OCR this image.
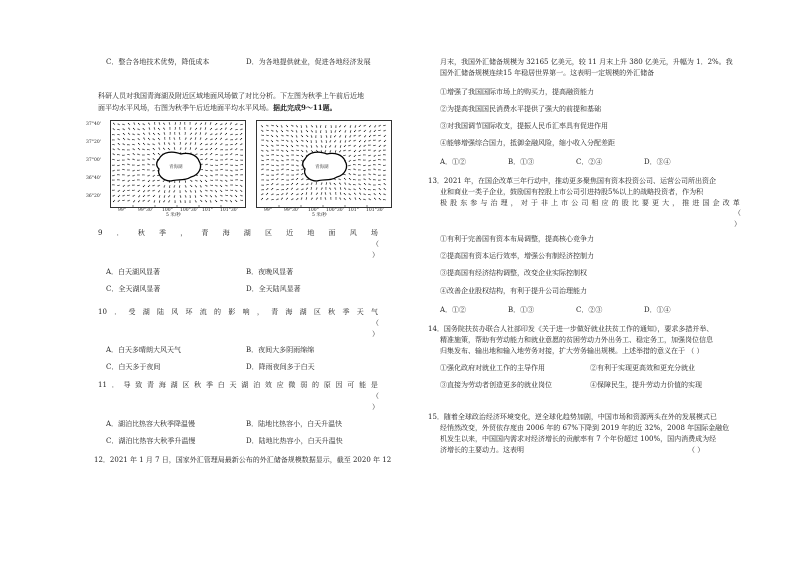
C．整合各地技术优势，降低成本	D．为各地提供就业，促进各地经济发展
科研人员对我国青海湖及附近区域地面风场做了对比分析。下左图为秋季上午前后近地
面平均水平风场，右图为秋季午后近地面平均水平风场。据此完成9～11题。
青海湖	青海湖
37°40'
37°20'
37°00'
36°40'
36°20'
99°	99°30' 100° 100°30' 101° 101°30'
5 米/秒
99°	99°30' 100° 100°30' 101° 101°30'
5 米/秒
9 ． 秋 季 ， 青 海 湖 区 近 地 面 风 场
（
）
A．白天湖风显著	B．夜晚风显著
C．全天湖风显著	D．全天陆风显著
10 ． 受 湖 陆 风 环 流 的 影 响 ， 青 海 湖 区 秋 季 天 气
（
）
A．白天多晴朗大风天气	B．夜间大多阴雨绵绵
C．白天多于夜间	D．降雨夜间多于白天
11 ． 导 致 青 海 湖 区 秋 季 白 天 湖 泊 效 应 微 弱 的 原 因 可 能 是
（
）
A．湖泊比热容大秋季降温慢	B．陆地比热容小，白天升温快
C．湖泊比热容大秋季升温慢	D．陆地比热容小，白天升温快
12．2021 年 1 月 7 日，国家外汇管理局最新公布的外汇储备规模数据显示，截至 2020 年 12
月末，我国外汇储备规模为 32165 亿美元，较 11 月末上升 380 亿美元，升幅为 1．2%。我
国外汇储备规模连续15 年稳居世界第一。这表明一定规模的外汇储备
①增强了我国国际市场上的购买力，提高融资能力
②为提高我国国民消费水平提供了强大的前提和基础
③对我国调节国际收支，提振人民币汇率具有促进作用
④能够增强综合国力，抵御金融风险，缩小收入分配差距
A．①②	B．①③	C．②④	D．③④
13．2021 年，在国企改革三年行动中，推动更多聚焦国有资本投资公司、运营公司所出资企
业和商业一类子企业，鼓励国有控股上市公司引进持股5%以上的战略投资者，作为积
极 股 东 参 与 治 理 ， 对 于 非 上 市 公 司 相 应 的 股 比 要 更 大 ， 推 进 国 企 改 革
（
）
①有利于完善国有资本布局调整，提高核心竞争力
②提高国有资本运行效率，增强公有制经济控制力
③提高国有经济结构调整，改变企业实际控制权
④改善企业股权结构，有利于提升公司治理能力
A．①②	B．①③	C．②③	D．①④
14．国务院扶贫办联合人社部印发《关于进一步做好就业扶贫工作的通知》，要求多措并举、
精准施策，帮助有劳动能力和就业意愿的贫困劳动力外出务工、稳定务工，加强岗位信息
归集发布、输出地和输入地劳务对接，扩大劳务输出规模。上述举措的意义在于 （ ）
①强化政府对就业工作的主导作用	②有利于实现更高效和更充分就业
③直接为劳动者创造更多的就业岗位	④保障民生，提升劳动力价值的实现
15．随着全球政治经济环境变化，逆全球化趋势加剧，中国市场和资源两头在外的发展模式已
经悄然改变，外贸依存度由 2006 年的 67%下降到 2019 年的近 32%，2008 年国际金融危
机发生以来，中国国内需求对经济增长的贡献率有 7 个年份超过 100%，国内消费成为经
济增长的主要动力。这表明	（ ）
